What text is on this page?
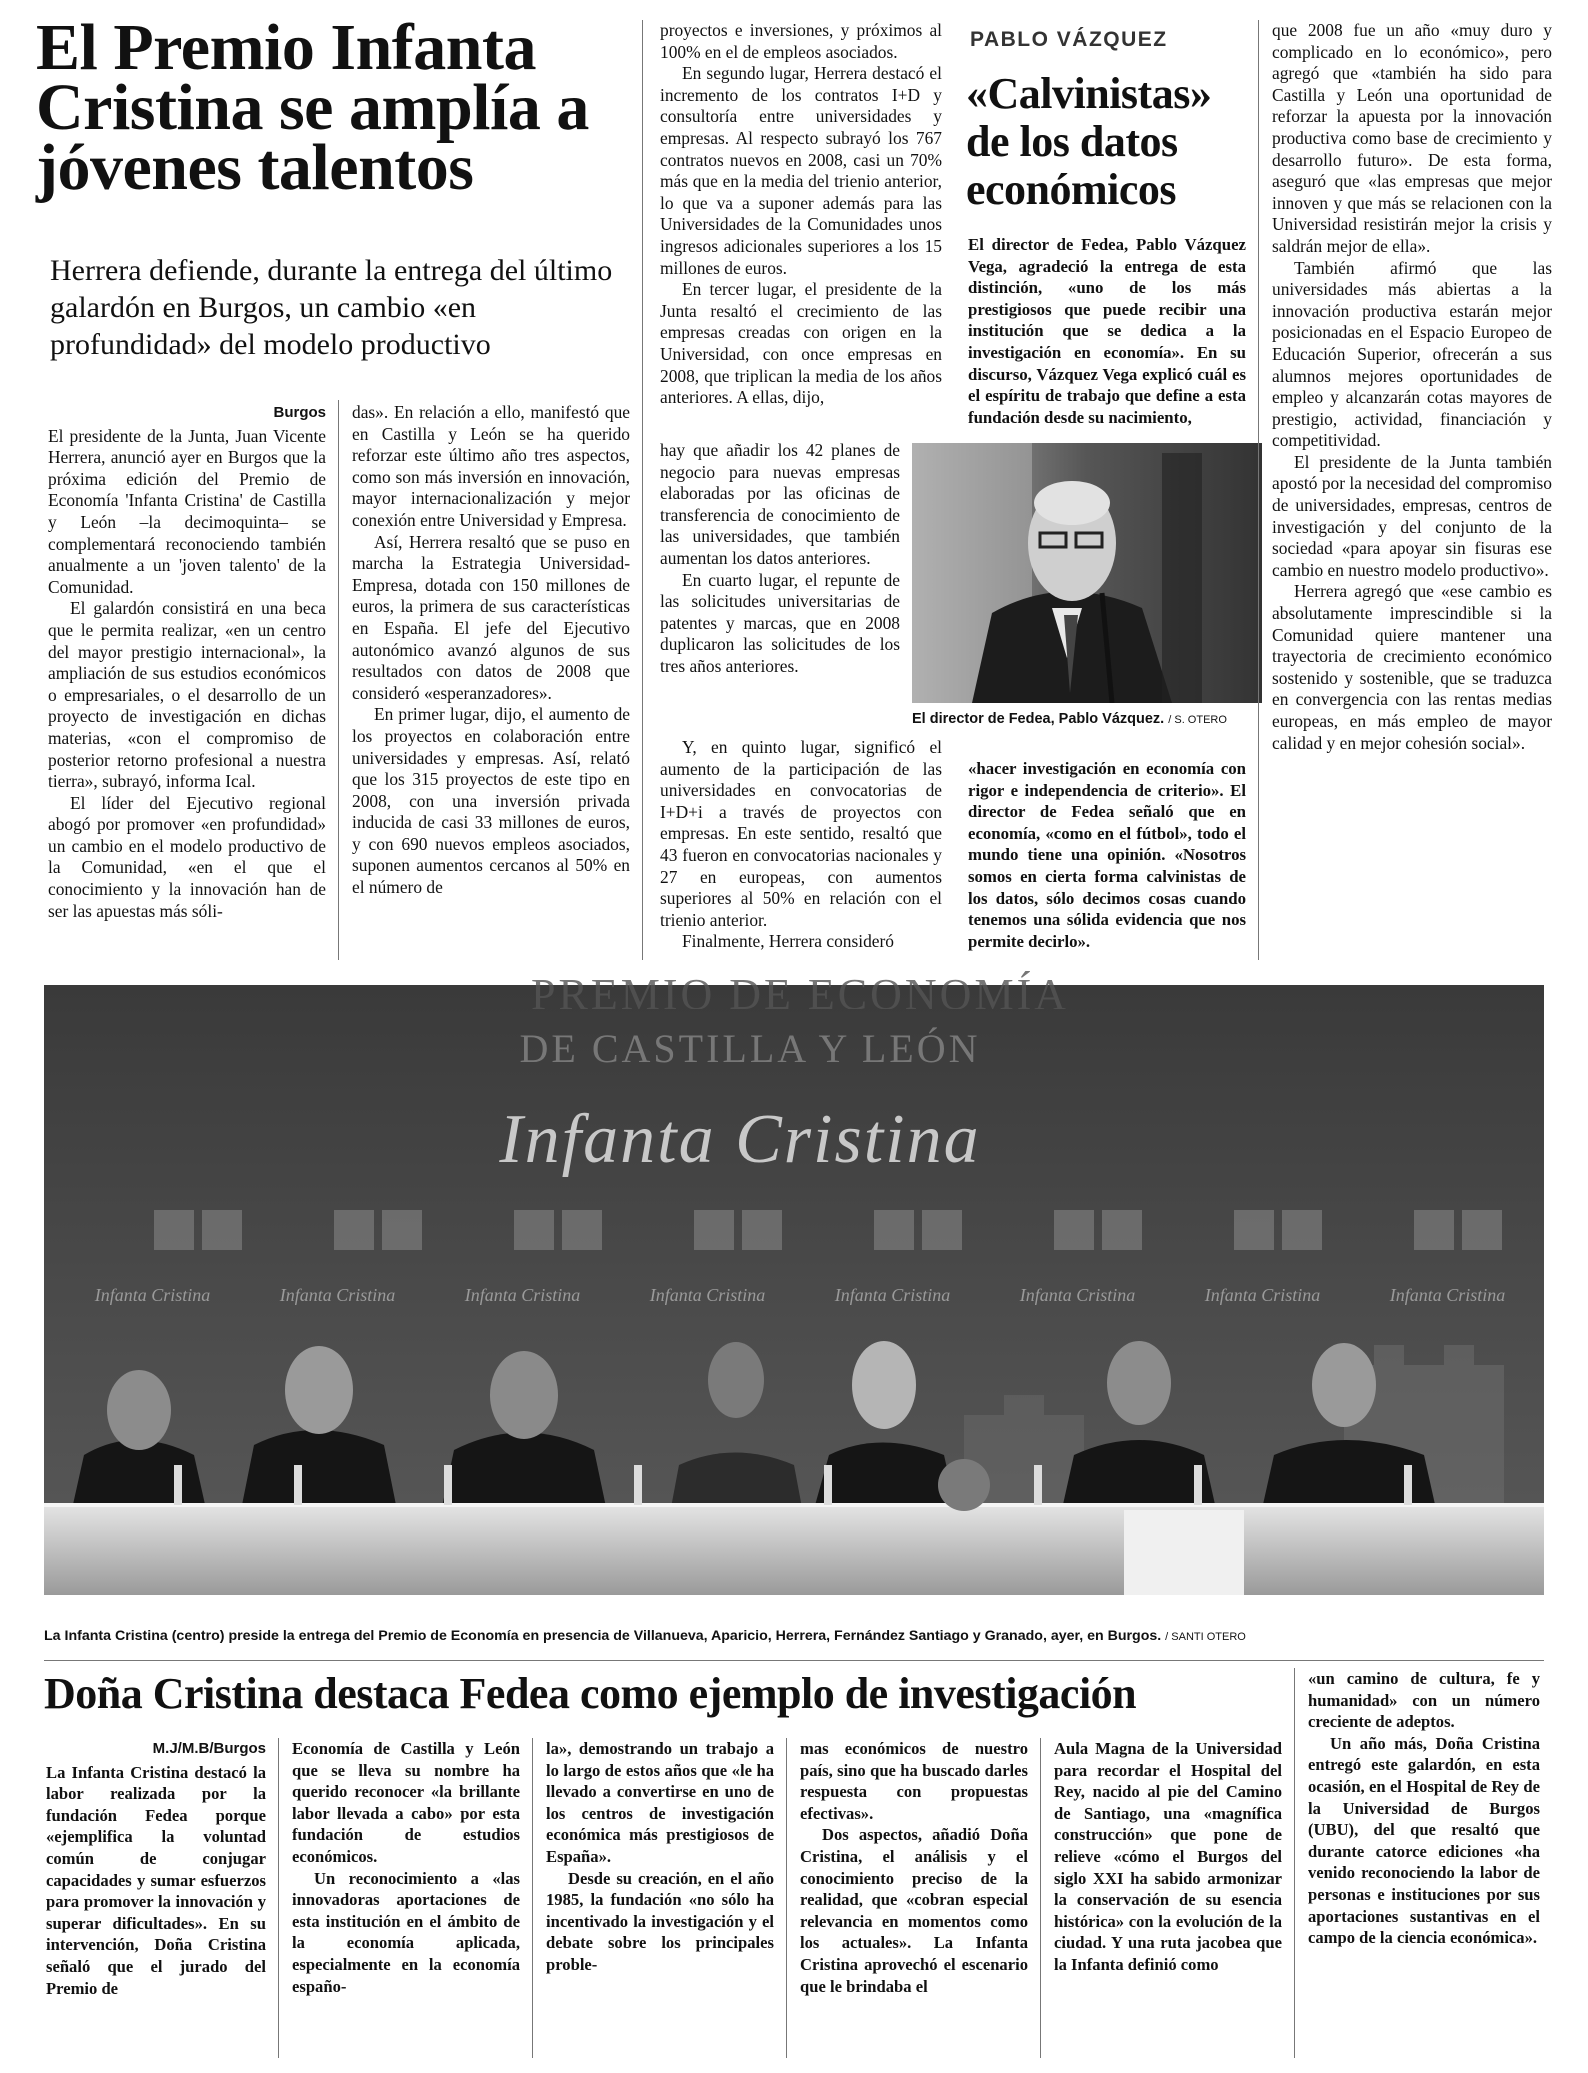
El Premio Infanta Cristina se amplía a jóvenes talentos
Herrera defiende, durante la entrega del último galardón en Burgos, un cambio «en profundidad» del modelo productivo
Burgos

El presidente de la Junta, Juan Vicente Herrera, anunció ayer en Burgos que la próxima edición del Premio de Economía 'Infanta Cristina' de Castilla y León –la decimoquinta– se complementará reconociendo también anualmente a un 'joven talento' de la Comunidad.

El galardón consistirá en una beca que le permita realizar, «en un centro del mayor prestigio internacional», la ampliación de sus estudios económicos o empresariales, o el desarrollo de un proyecto de investigación en dichas materias, «con el compromiso de posterior retorno profesional a nuestra tierra», subrayó, informa Ical.

El líder del Ejecutivo regional abogó por promover «en profundidad» un cambio en el modelo productivo de la Comunidad, «en el que el conocimiento y la innovación han de ser las apuestas más sóli-

das». En relación a ello, manifestó que en Castilla y León se ha querido reforzar este último año tres aspectos, como son más inversión en innovación, mayor internacionalización y mejor conexión entre Universidad y Empresa.

Así, Herrera resaltó que se puso en marcha la Estrategia Universidad-Empresa, dotada con 150 millones de euros, la primera de sus características en España. El jefe del Ejecutivo autonómico avanzó algunos de sus resultados con datos de 2008 que consideró «esperanzadores».

En primer lugar, dijo, el aumento de los proyectos en colaboración entre universidades y empresas. Así, relató que los 315 proyectos de este tipo en 2008, con una inversión privada inducida de casi 33 millones de euros, y con 690 nuevos empleos asociados, suponen aumentos cercanos al 50% en el número de

proyectos e inversiones, y próximos al 100% en el de empleos asociados.

En segundo lugar, Herrera destacó el incremento de los contratos I+D y consultoría entre universidades y empresas. Al respecto subrayó los 767 contratos nuevos en 2008, casi un 70% más que en la media del trienio anterior, lo que va a suponer además para las Universidades de la Comunidades unos ingresos adicionales superiores a los 15 millones de euros.

En tercer lugar, el presidente de la Junta resaltó el crecimiento de las empresas creadas con origen en la Universidad, con once empresas en 2008, que triplican la media de los años anteriores. A ellas, dijo,

hay que añadir los 42 planes de negocio para nuevas empresas elaboradas por las oficinas de transferencia de conocimiento de las universidades, que también aumentan los datos anteriores.

En cuarto lugar, el repunte de las solicitudes universitarias de patentes y marcas, que en 2008 duplicaron las solicitudes de los tres años anteriores.

Y, en quinto lugar, significó el aumento de la participación de las universidades en convocatorias de I+D+i a través de proyectos con empresas. En este sentido, resaltó que 43 fueron en convocatorias nacionales y 27 en europeas, con aumentos superiores al 50% en relación con el trienio anterior.

Finalmente, Herrera consideró

PABLO VÁZQUEZ
«Calvinistas» de los datos económicos

El director de Fedea, Pablo Vázquez Vega, agradeció la entrega de esta distinción, «uno de los más prestigiosos que puede recibir una institución que se dedica a la investigación en economía». En su discurso, Vázquez Vega explicó cuál es el espíritu de trabajo que define a esta fundación desde su nacimiento,

El director de Fedea, Pablo Vázquez. / S. OTERO

«hacer investigación en economía con rigor e independencia de criterio». El director de Fedea señaló que en economía, «como en el fútbol», todo el mundo tiene una opinión. «Nosotros somos en cierta forma calvinistas de los datos, sólo decimos cosas cuando tenemos una sólida evidencia que nos permite decirlo».

que 2008 fue un año «muy duro y complicado en lo económico», pero agregó que «también ha sido para Castilla y León una oportunidad de reforzar la apuesta por la innovación productiva como base de crecimiento y desarrollo futuro». De esta forma, aseguró que «las empresas que mejor innoven y que más se relacionen con la Universidad resistirán mejor la crisis y saldrán mejor de ella».

También afirmó que las universidades más abiertas a la innovación productiva estarán mejor posicionadas en el Espacio Europeo de Educación Superior, ofrecerán a sus alumnos mejores oportunidades de empleo y alcanzarán cotas mayores de prestigio, actividad, financiación y competitividad.

El presidente de la Junta también apostó por la necesidad del compromiso de universidades, empresas, centros de investigación y del conjunto de la sociedad «para apoyar sin fisuras ese cambio en nuestro modelo productivo».

Herrera agregó que «ese cambio es absolutamente imprescindible si la Comunidad quiere mantener una trayectoria de crecimiento económico sostenido y sostenible, que se traduzca en convergencia con las rentas medias europeas, en más empleo de mayor calidad y en mejor cohesión social».

PREMIO DE ECONOMÍA
DE CASTILLA Y LEÓN
Infanta Cristina
Infanta Cristina	Infanta Cristina	Infanta Cristina	Infanta Cristina	Infanta Cristina	Infanta Cristina	Infanta Cristina	Infanta Cristina
La Infanta Cristina (centro) preside la entrega del Premio de Economía en presencia de Villanueva, Aparicio, Herrera, Fernández Santiago y Granado, ayer, en Burgos. / SANTI OTERO
Doña Cristina destaca Fedea como ejemplo de investigación
M.J/M.B/Burgos

La Infanta Cristina destacó la labor realizada por la fundación Fedea porque «ejemplifica la voluntad común de conjugar capacidades y sumar esfuerzos para promover la innovación y superar dificultades». En su intervención, Doña Cristina señaló que el jurado del Premio de

Economía de Castilla y León que se lleva su nombre ha querido reconocer «la brillante labor llevada a cabo» por esta fundación de estudios económicos.

Un reconocimiento a «las innovadoras aportaciones de esta institución en el ámbito de la economía aplicada, especialmente en la economía españo-

la», demostrando un trabajo a lo largo de estos años que «le ha llevado a convertirse en uno de los centros de investigación económica más prestigiosos de España».

Desde su creación, en el año 1985, la fundación «no sólo ha incentivado la investigación y el debate sobre los principales proble-

mas económicos de nuestro país, sino que ha buscado darles respuesta con propuestas efectivas».

Dos aspectos, añadió Doña Cristina, el análisis y el conocimiento preciso de la realidad, que «cobran especial relevancia en momentos como los actuales». La Infanta Cristina aprovechó el escenario que le brindaba el

Aula Magna de la Universidad para recordar el Hospital del Rey, nacido al pie del Camino de Santiago, una «magnífica construcción» que pone de relieve «cómo el Burgos del siglo XXI ha sabido armonizar la conservación de su esencia histórica» con la evolución de la ciudad. Y una ruta jacobea que la Infanta definió como

«un camino de cultura, fe y humanidad» con un número creciente de adeptos.

Un año más, Doña Cristina entregó este galardón, en esta ocasión, en el Hospital de Rey de la Universidad de Burgos (UBU), del que resaltó que durante catorce ediciones «ha venido reconociendo la labor de personas e instituciones por sus aportaciones sustantivas en el campo de la ciencia económica».
